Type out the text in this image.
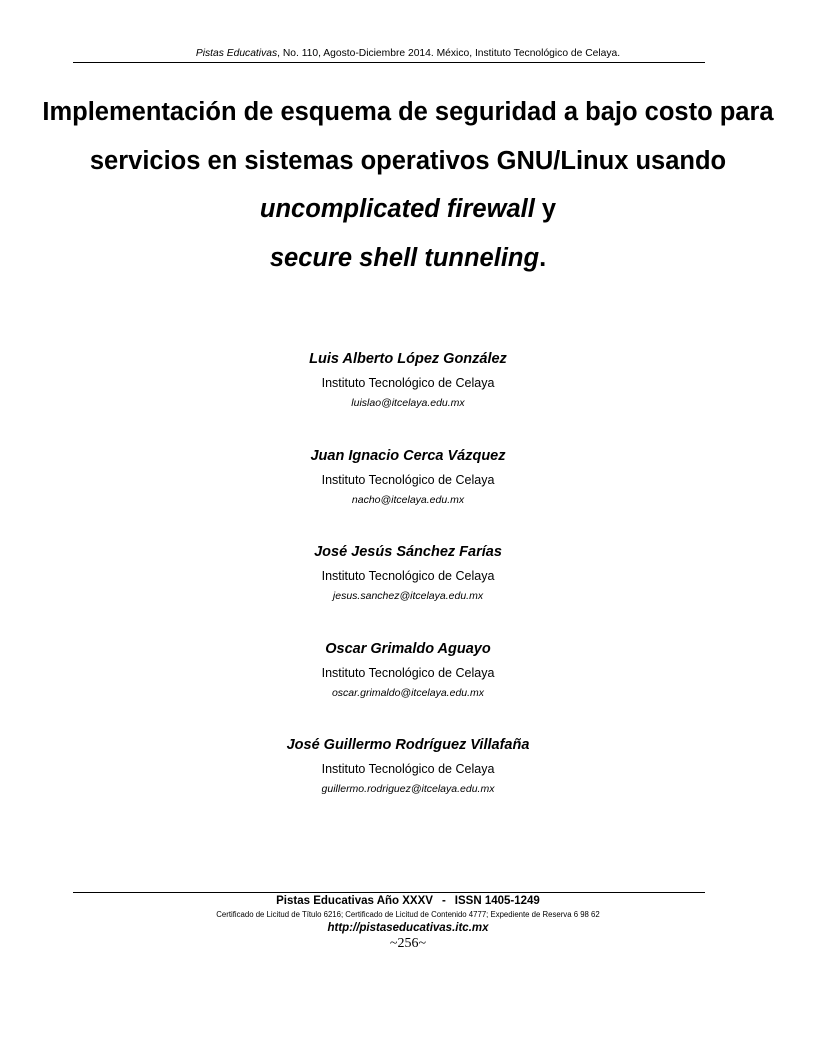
Pistas Educativas, No. 110, Agosto-Diciembre 2014. México, Instituto Tecnológico de Celaya.
Implementación de esquema de seguridad a bajo costo para servicios en sistemas operativos GNU/Linux usando uncomplicated firewall y
secure shell tunneling.
Luis Alberto López González
Instituto Tecnológico de Celaya
luislao@itcelaya.edu.mx
Juan Ignacio Cerca Vázquez
Instituto Tecnológico de Celaya
nacho@itcelaya.edu.mx
José Jesús Sánchez Farías
Instituto Tecnológico de Celaya
jesus.sanchez@itcelaya.edu.mx
Oscar Grimaldo Aguayo
Instituto Tecnológico de Celaya
oscar.grimaldo@itcelaya.edu.mx
José Guillermo Rodríguez Villafaña
Instituto Tecnológico de Celaya
guillermo.rodriguez@itcelaya.edu.mx
Pistas Educativas Año XXXV - ISSN 1405-1249
Certificado de Licitud de Título 6216; Certificado de Licitud de Contenido 4777; Expediente de Reserva 6 98 62
http://pistaseducativas.itc.mx
~256~
